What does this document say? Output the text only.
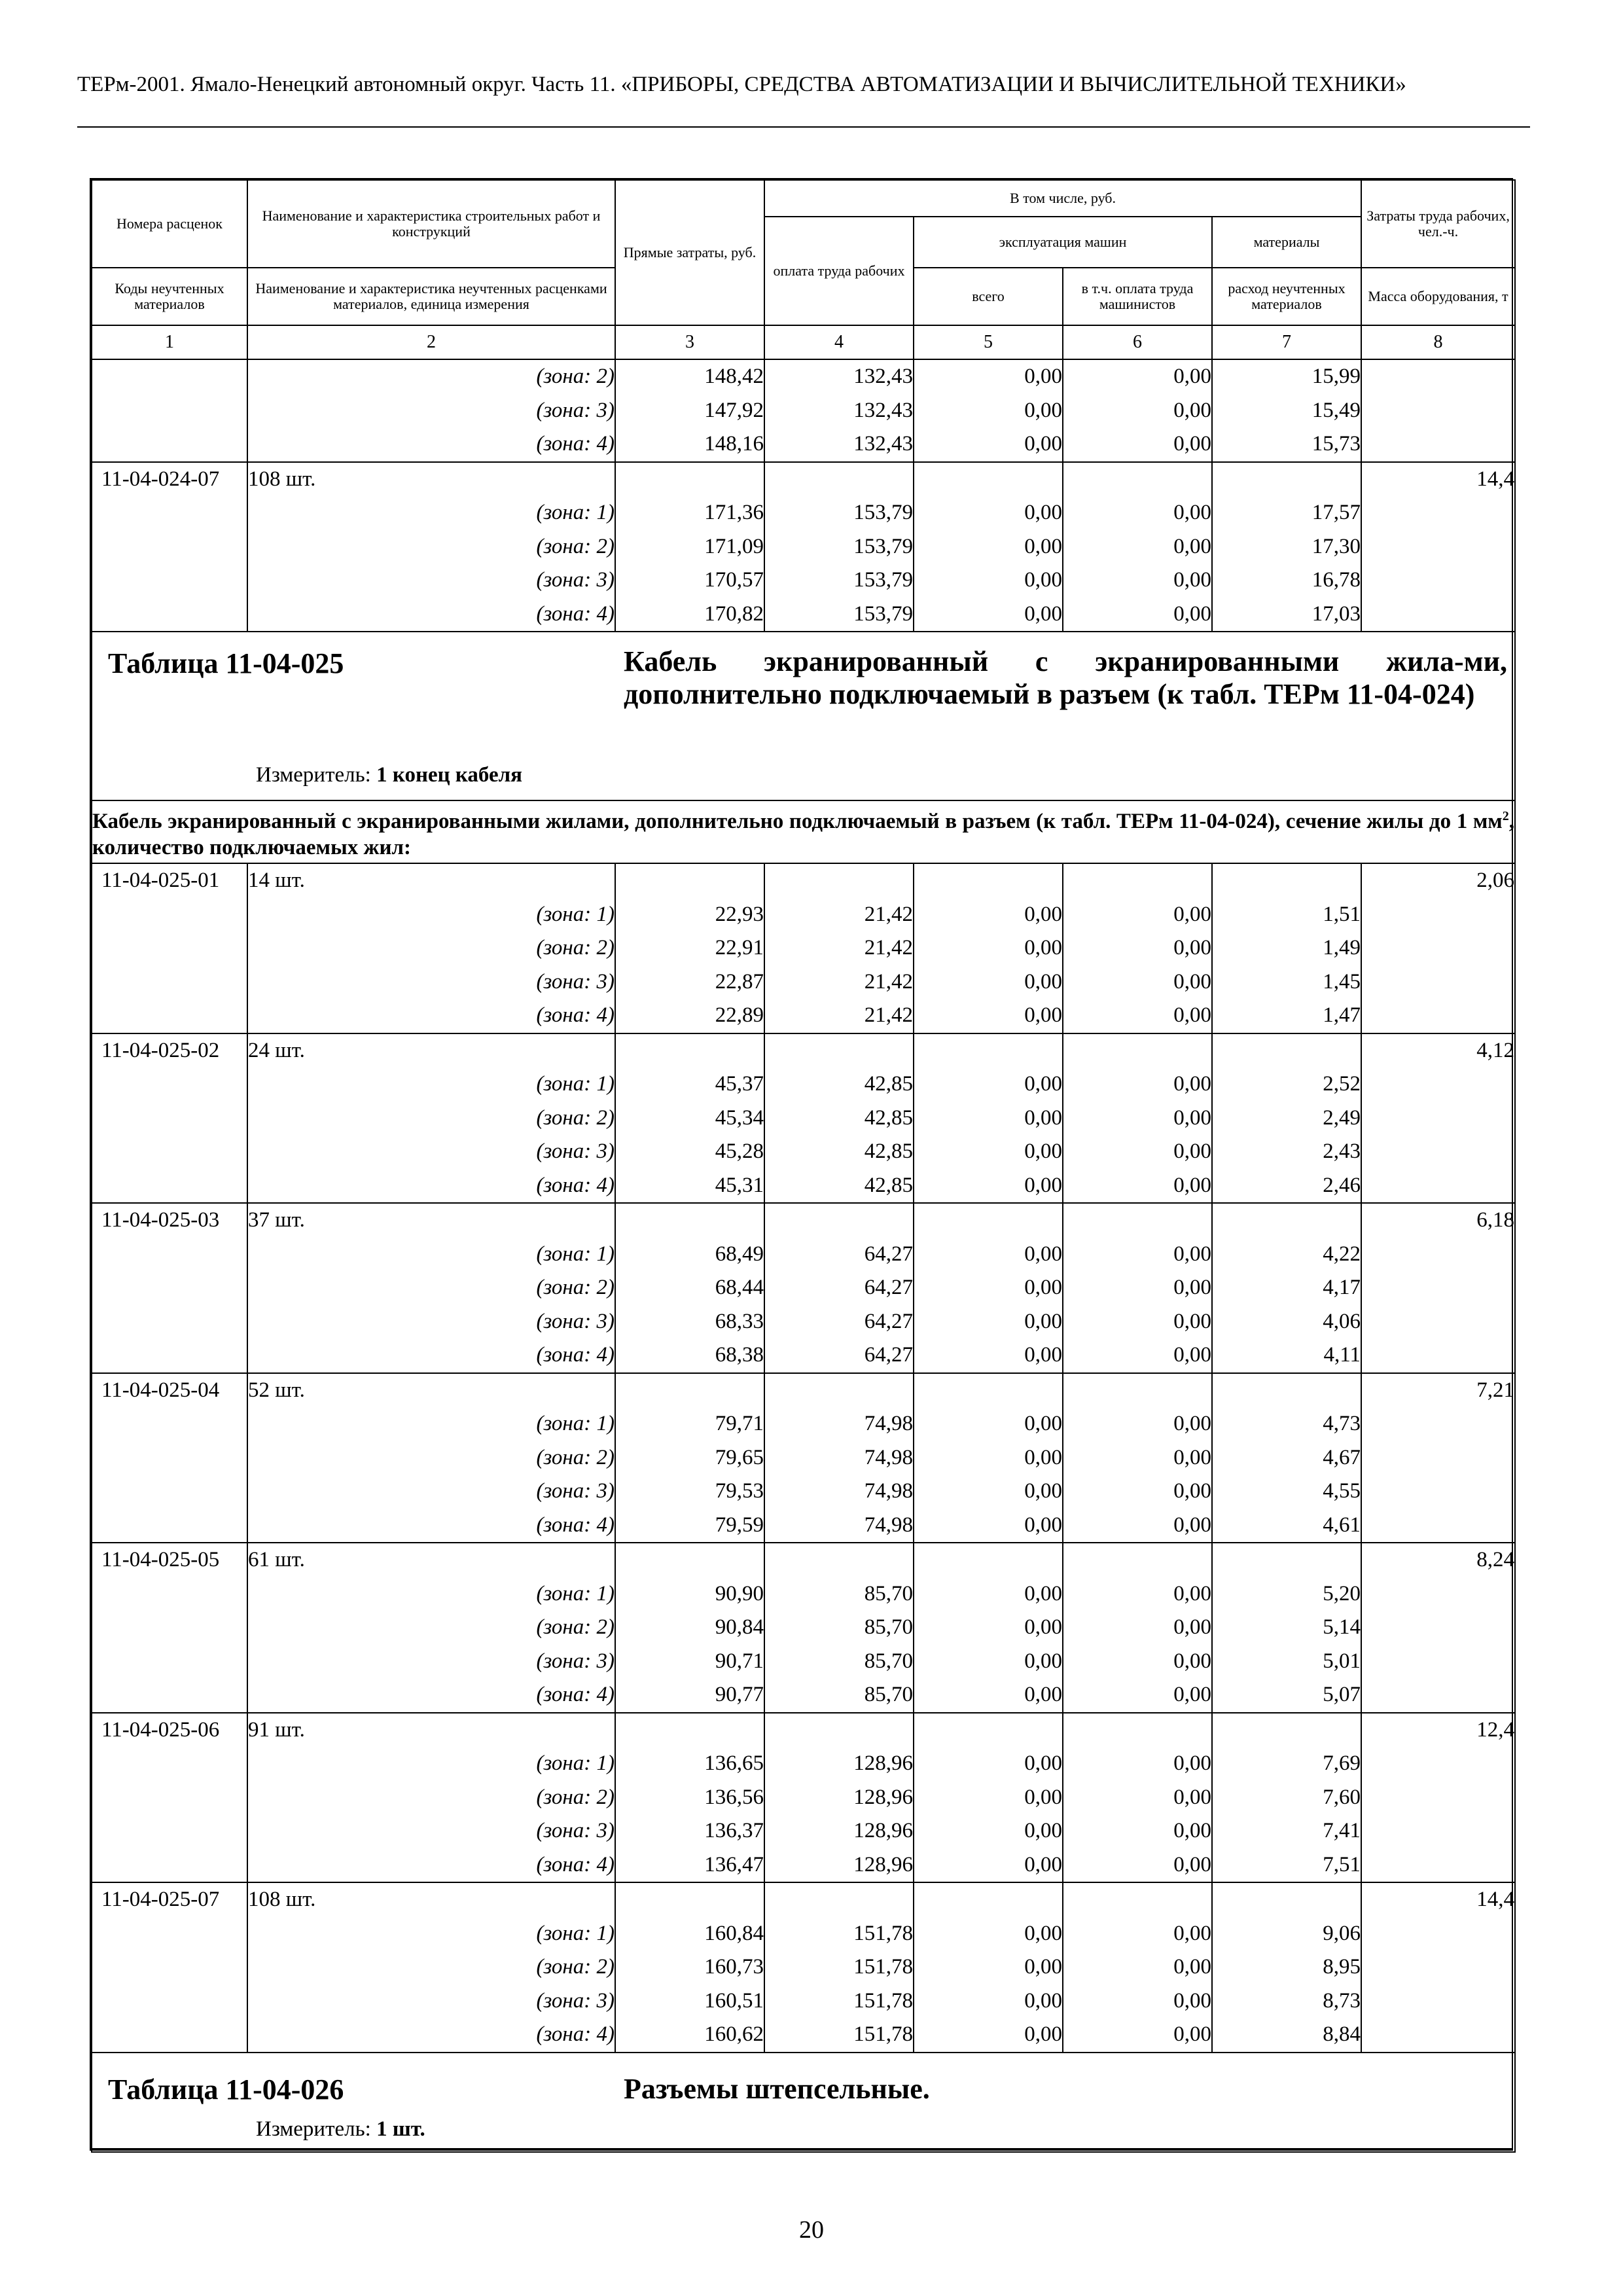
ТЕРм-2001. Ямало-Ненецкий автономный округ. Часть 11. «ПРИБОРЫ, СРЕДСТВА АВТОМАТИЗАЦИИ И ВЫЧИСЛИТЕЛЬНОЙ ТЕХНИКИ»
Номера расценок	Наименование и характеристика строительных работ и конструкций	Прямые затраты, руб.	В том числе, руб.				Затраты труда рабочих, чел.-ч.
			оплата труда рабочих	эксплуатация машин		материалы	
Коды неучтенных материалов	Наименование и характеристика неучтенных расценками материалов, единица измерения			всего	в т.ч. оплата труда машинистов	расход неучтенных материалов	Масса оборудования, т
1	2	3	4	5	6	7	8
	(зона: 2)	148,42	132,43	0,00	0,00	15,99	
	(зона: 3)	147,92	132,43	0,00	0,00	15,49	
	(зона: 4)	148,16	132,43	0,00	0,00	15,73	
11-04-024-07	108 шт.						14,4
	(зона: 1)	171,36	153,79	0,00	0,00	17,57	
	(зона: 2)	171,09	153,79	0,00	0,00	17,30	
	(зона: 3)	170,57	153,79	0,00	0,00	16,78	
	(зона: 4)	170,82	153,79	0,00	0,00	17,03	

Таблица 11-04-025 Кабель экранированный с экранированными жила-ми, дополнительно подключаемый в разъем (к табл. ТЕРм 11-04-024)
Измеритель: 1 конец кабеля							

Кабель экранированный с экранированными жилами, дополнительно подключаемый в разъем (к табл. ТЕРм 11-04-024), сечение жилы до 1 $мм^2$, количество подключаемых жил:							
11-04-025-01	14 шт.						2,06
	(зона: 1)	22,93	21,42	0,00	0,00	1,51	
	(зона: 2)	22,91	21,42	0,00	0,00	1,49	
	(зона: 3)	22,87	21,42	0,00	0,00	1,45	
	(зона: 4)	22,89	21,42	0,00	0,00	1,47	
11-04-025-02	24 шт.						4,12
	(зона: 1)	45,37	42,85	0,00	0,00	2,52	
	(зона: 2)	45,34	42,85	0,00	0,00	2,49	
	(зона: 3)	45,28	42,85	0,00	0,00	2,43	
	(зона: 4)	45,31	42,85	0,00	0,00	2,46	
11-04-025-03	37 шт.						6,18
	(зона: 1)	68,49	64,27	0,00	0,00	4,22	
	(зона: 2)	68,44	64,27	0,00	0,00	4,17	
	(зона: 3)	68,33	64,27	0,00	0,00	4,06	
	(зона: 4)	68,38	64,27	0,00	0,00	4,11	
11-04-025-04	52 шт.						7,21
	(зона: 1)	79,71	74,98	0,00	0,00	4,73	
	(зона: 2)	79,65	74,98	0,00	0,00	4,67	
	(зона: 3)	79,53	74,98	0,00	0,00	4,55	
	(зона: 4)	79,59	74,98	0,00	0,00	4,61	
11-04-025-05	61 шт.						8,24
	(зона: 1)	90,90	85,70	0,00	0,00	5,20	
	(зона: 2)	90,84	85,70	0,00	0,00	5,14	
	(зона: 3)	90,71	85,70	0,00	0,00	5,01	
	(зона: 4)	90,77	85,70	0,00	0,00	5,07	
11-04-025-06	91 шт.						12,4
	(зона: 1)	136,65	128,96	0,00	0,00	7,69	
	(зона: 2)	136,56	128,96	0,00	0,00	7,60	
	(зона: 3)	136,37	128,96	0,00	0,00	7,41	
	(зона: 4)	136,47	128,96	0,00	0,00	7,51	
11-04-025-07	108 шт.						14,4
	(зона: 1)	160,84	151,78	0,00	0,00	9,06	
	(зона: 2)	160,73	151,78	0,00	0,00	8,95	
	(зона: 3)	160,51	151,78	0,00	0,00	8,73	
	(зона: 4)	160,62	151,78	0,00	0,00	8,84	

Таблица 11-04-026 Разъемы штепсельные.
Измеритель: 1 шт.							
20
